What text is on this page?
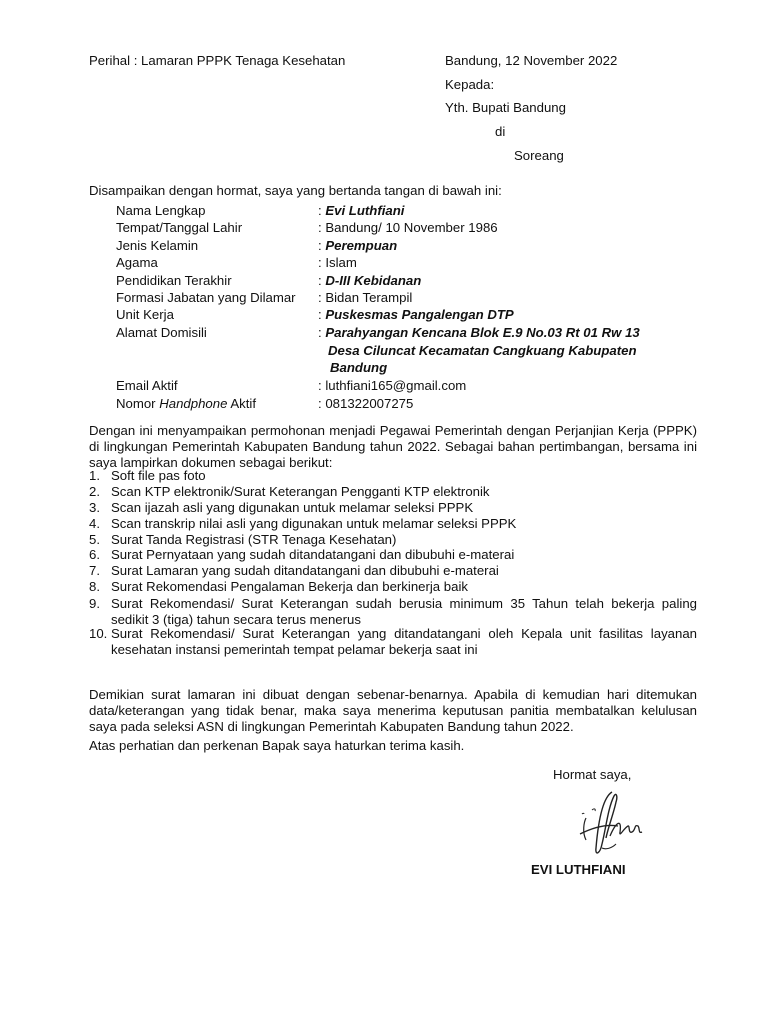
Perihal : Lamaran PPPK Tenaga Kesehatan	Bandung, 12 November 2022
Kepada:
Yth. Bupati Bandung
di
Soreang
Disampaikan dengan hormat, saya yang bertanda tangan di bawah ini:
Nama Lengkap	: Evi Luthfiani
Tempat/Tanggal Lahir	: Bandung/ 10 November 1986
Jenis Kelamin	: Perempuan
Agama	: Islam
Pendidikan Terakhir	: D-III Kebidanan
Formasi Jabatan yang Dilamar : Bidan Terampil
Unit Kerja	: Puskesmas Pangalengan DTP
Alamat Domisili	: Parahyangan Kencana Blok E.9 No.03 Rt 01 Rw 13
Desa Ciluncat Kecamatan Cangkuang Kabupaten
Bandung
Email Aktif	: luthfiani165@gmail.com
Nomor Handphone Aktif	: 081322007275
Dengan ini menyampaikan permohonan menjadi Pegawai Pemerintah dengan Perjanjian Kerja (PPPK) di lingkungan Pemerintah Kabupaten Bandung tahun 2022. Sebagai bahan pertimbangan, bersama ini saya lampirkan dokumen sebagai berikut:
1. Soft file pas foto
2. Scan KTP elektronik/Surat Keterangan Pengganti KTP elektronik
3. Scan ijazah asli yang digunakan untuk melamar seleksi PPPK
4. Scan transkrip nilai asli yang digunakan untuk melamar seleksi PPPK
5. Surat Tanda Registrasi (STR Tenaga Kesehatan)
6. Surat Pernyataan yang sudah ditandatangani dan dibubuhi e-materai
7. Surat Lamaran yang sudah ditandatangani dan dibubuhi e-materai
8. Surat Rekomendasi Pengalaman Bekerja dan berkinerja baik
9. Surat Rekomendasi/ Surat Keterangan sudah berusia minimum 35 Tahun telah bekerja paling sedikit 3 (tiga) tahun secara terus menerus
10. Surat Rekomendasi/ Surat Keterangan yang ditandatangani oleh Kepala unit fasilitas layanan kesehatan instansi pemerintah tempat pelamar bekerja saat ini
Demikian surat lamaran ini dibuat dengan sebenar-benarnya. Apabila di kemudian hari ditemukan data/keterangan yang tidak benar, maka saya menerima keputusan panitia membatalkan kelulusan saya pada seleksi ASN di lingkungan Pemerintah Kabupaten Bandung tahun 2022.
Atas perhatian dan perkenan Bapak saya haturkan terima kasih.
Hormat saya,
EVI LUTHFIANI
